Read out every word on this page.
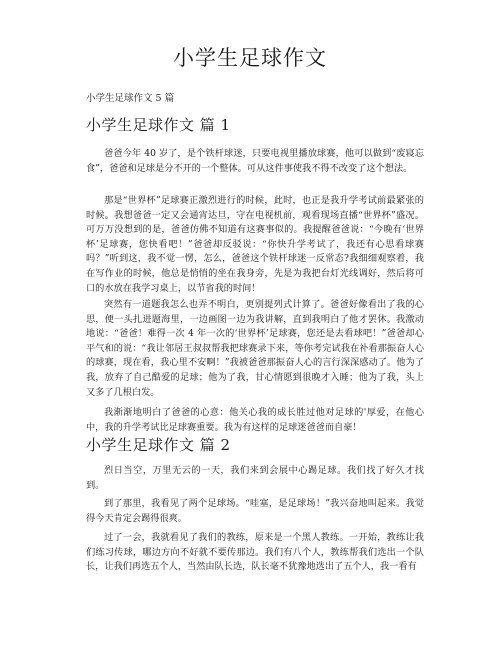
小学生足球作文

小学生足球作文 5 篇

小学生足球作文 篇 1

爸爸今年 40 岁了，是个铁杆球迷，只要电视里播放球赛，他可以做到“废寝忘食”，爸爸和足球是分不开的一个整体。可从这件事使我不得不改变了这个想法。

那是“世界杯”足球赛正激烈进行的时候，此时，也正是我升学考试前最紧张的时候。我想爸爸一定又会通宵达旦，守在电视机前，观看现场直播“世界杯”盛况。可万万没想到的是，爸爸仿佛不知道有这赛事似的。我提醒爸爸说：“今晚有‘世界杯’足球赛，您快看吧！”爸爸却反驳说：“你快升学考试了，我还有心思看球赛吗？”听到这，我不觉一愣，怎么，爸爸这个铁杆球迷一反常态?我细细观察着，我在写作业的时候，他总是悄悄的坐在我身旁，先是为我把台灯光线调好，然后将可口的水放在我学习桌上，以节省我的时间！

突然有一道题我怎么也弄不明白，更别提列式计算了。爸爸好像看出了我的心思，便一头扎进题海里，一边画图一边为我讲解，直到我明白了他才罢休。我激动地说：“爸爸！难得一次 4 年一次的‘世界杯’足球赛，您还是去看球吧！”爸爸却心平气和的说：“我让邻居王叔叔帮我把球赛录下来，等你考完试我在补看那振奋人心的球赛，现在看，我心里不安啊！”我被爸爸那振奋人心的言行深深感动了。他为了我，放弃了自己酷爱的足球；他为了我，甘心情愿到很晚才入睡；他为了我，头上又多了几根白发。

我渐渐地明白了爸爸的心意：他关心我的成长胜过他对足球的'厚爱，在他心中，我的升学考试比足球赛重要。我为有这样的足球迷爸爸而自豪！

小学生足球作文 篇 2

烈日当空，万里无云的一天，我们来到会展中心踢足球。我们找了好久才找到。

到了那里，我看见了两个足球场。“哇塞，是足球场！”我兴奋地叫起来。我觉得今天肯定会踢得很爽。

过了一会，我就看见了我们的教练，原来是一个黑人教练。一开始，教练让我们练习传球，哪边方向不好就不要传那边。我们有八个人，教练帮我们选出一个队长，让我们再选五个人，当然由队长选，队长毫不犹豫地选出了五个人，我一看有
